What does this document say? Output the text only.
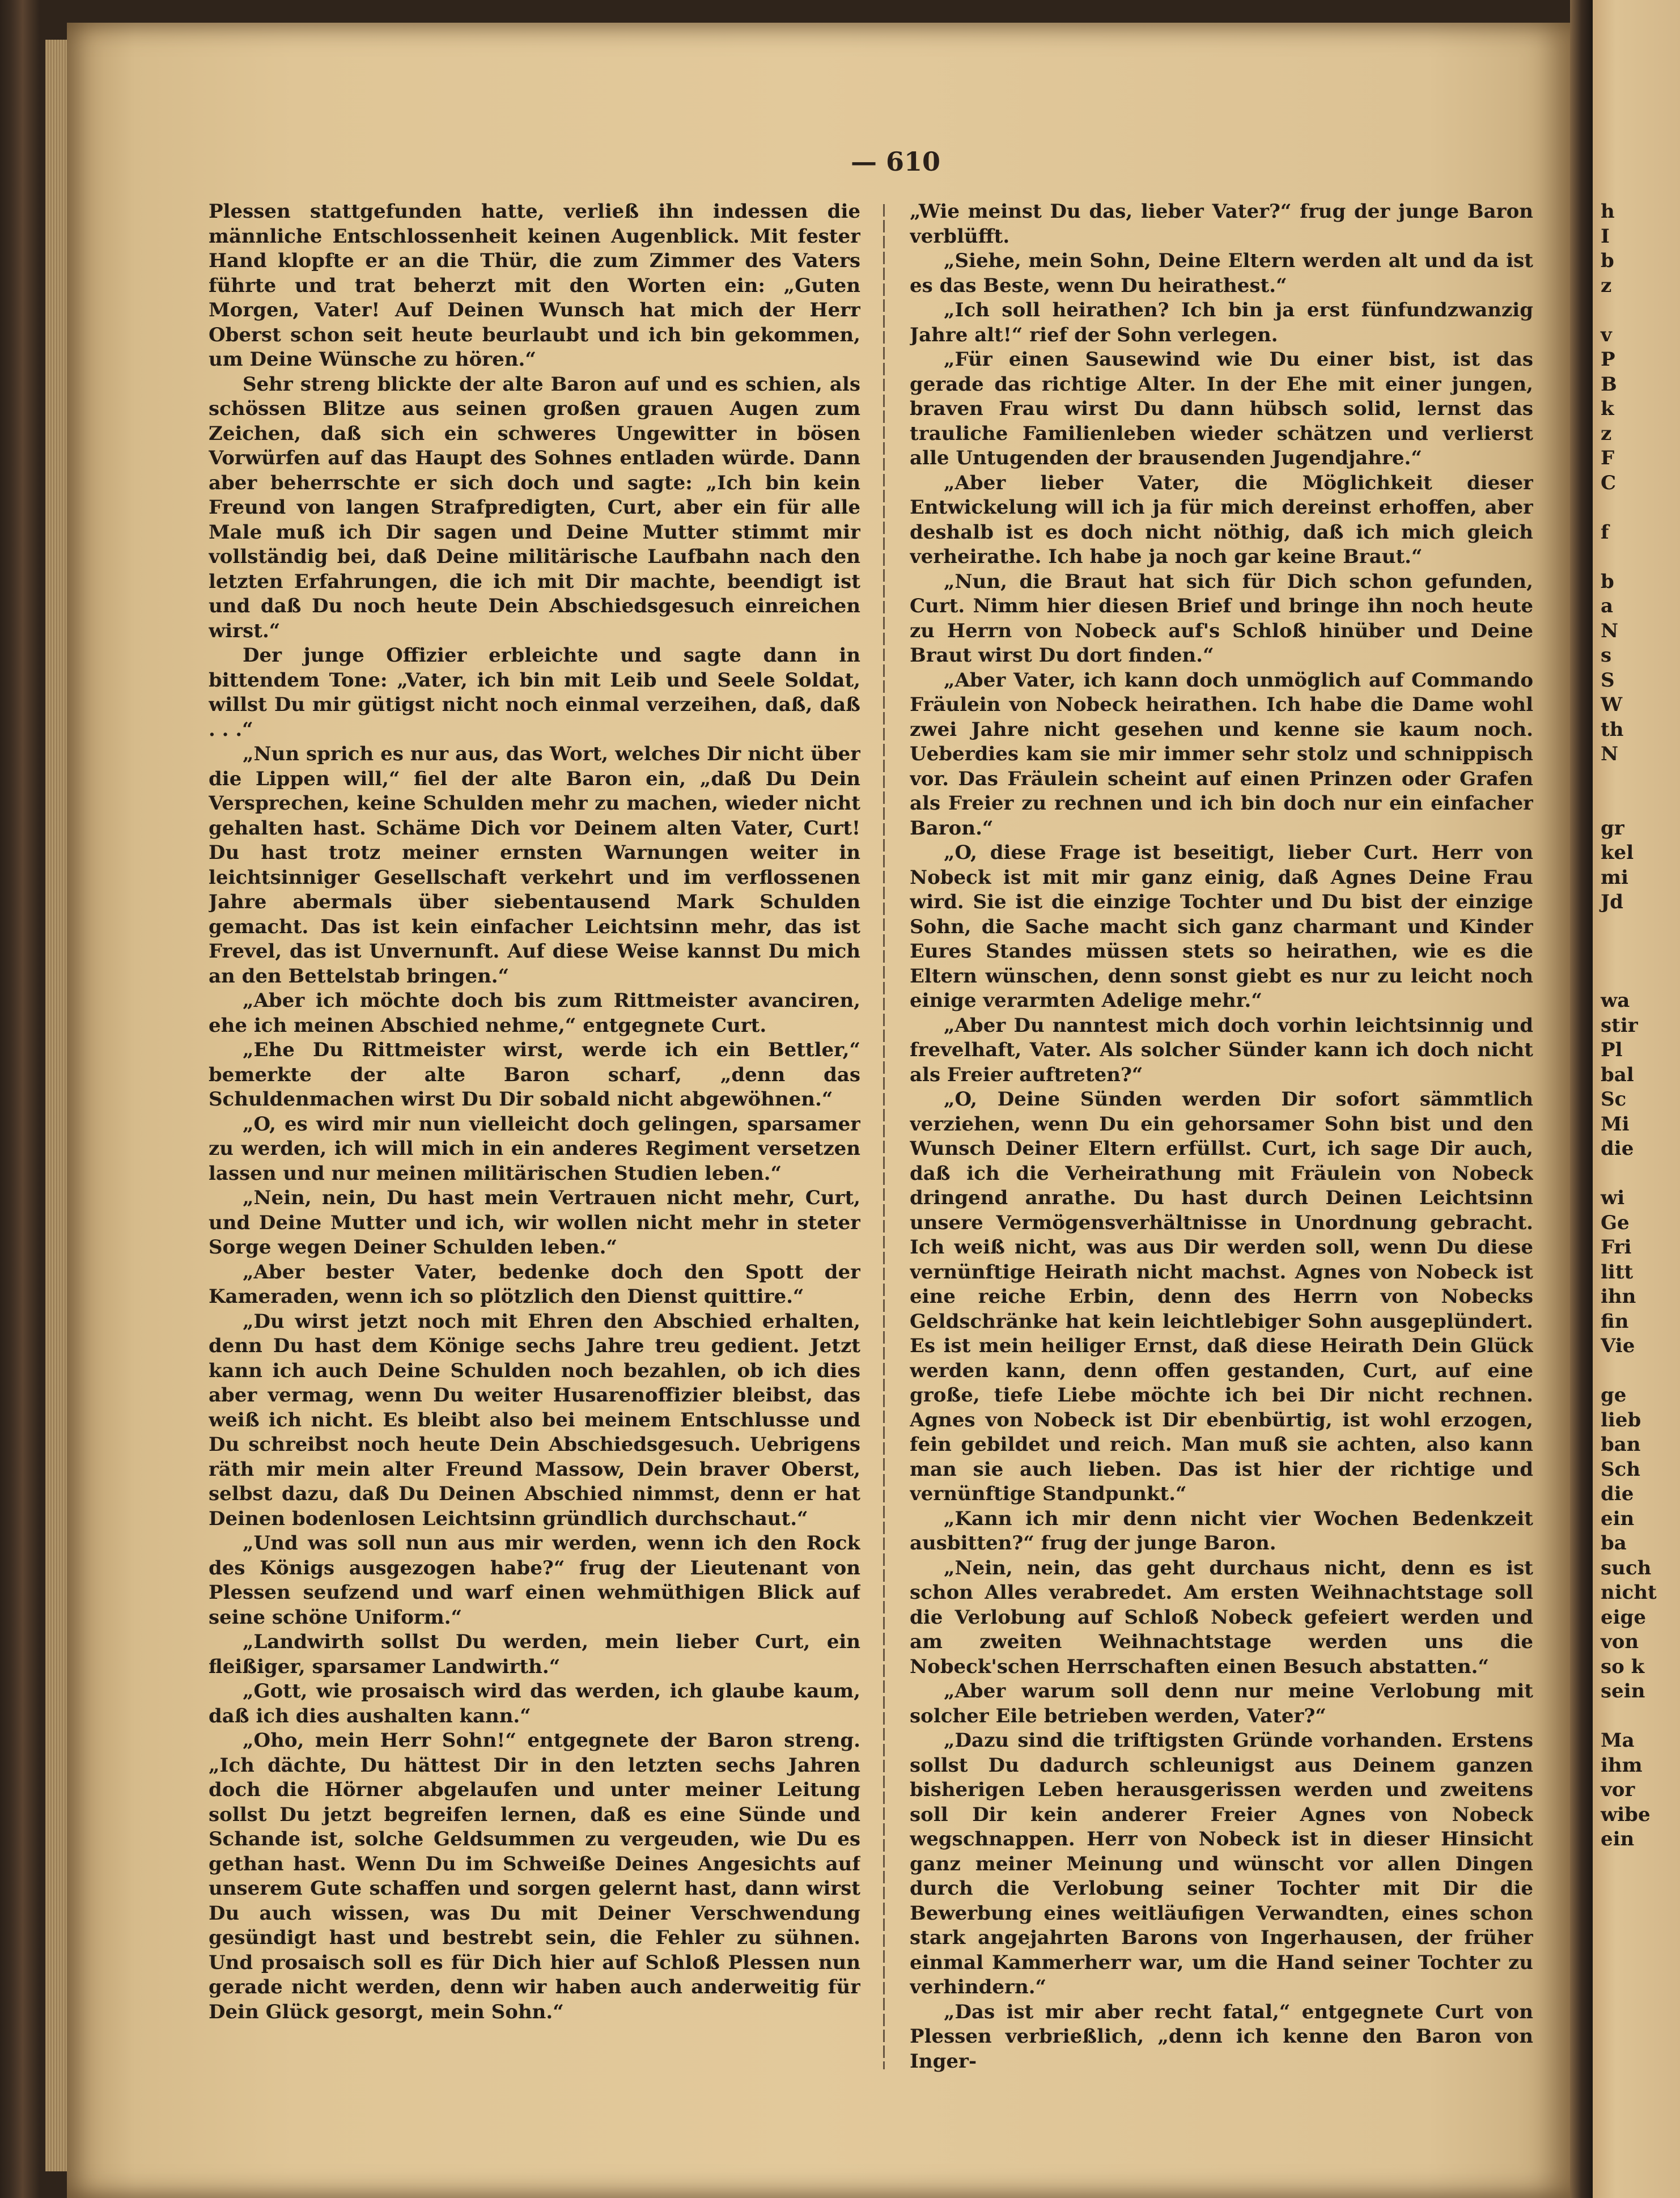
h
I
b
z
v
P
B
k
z
F
C
f
b
a
N
s
S
W
th
N
gr
kel
mi
Jd
wa
stir
Pl
bal
Sc
Mi
die
wi
Ge
Fri
litt
ihn
fin
Vie
ge
lieb
ban
Sch
die
ein
ba
such
nicht
eige
von
so k
sein
Ma
ihm
vor
wibe
ein
— 610

Plessen stattgefunden hatte, verließ ihn indessen die männliche Entschlossenheit keinen Augenblick. Mit fester Hand klopfte er an die Thür, die zum Zimmer des Vaters führte und trat beherzt mit den Worten ein: „Guten Morgen, Vater! Auf Deinen Wunsch hat mich der Herr Oberst schon seit heute beurlaubt und ich bin gekommen, um Deine Wünsche zu hören.“

Sehr streng blickte der alte Baron auf und es schien, als schössen Blitze aus seinen großen grauen Augen zum Zeichen, daß sich ein schweres Ungewitter in bösen Vorwürfen auf das Haupt des Sohnes entladen würde. Dann aber beherrschte er sich doch und sagte: „Ich bin kein Freund von langen Strafpredigten, Curt, aber ein für alle Male muß ich Dir sagen und Deine Mutter stimmt mir vollständig bei, daß Deine militärische Laufbahn nach den letzten Erfahrungen, die ich mit Dir machte, beendigt ist und daß Du noch heute Dein Abschiedsgesuch einreichen wirst.“

Der junge Offizier erbleichte und sagte dann in bittendem Tone: „Vater, ich bin mit Leib und Seele Soldat, willst Du mir gütigst nicht noch einmal verzeihen, daß, daß . . .“

„Nun sprich es nur aus, das Wort, welches Dir nicht über die Lippen will,“ fiel der alte Baron ein, „daß Du Dein Versprechen, keine Schulden mehr zu machen, wieder nicht gehalten hast. Schäme Dich vor Deinem alten Vater, Curt! Du hast trotz meiner ernsten Warnungen weiter in leichtsinniger Gesellschaft verkehrt und im verflossenen Jahre abermals über siebentausend Mark Schulden gemacht. Das ist kein einfacher Leichtsinn mehr, das ist Frevel, das ist Unvernunft. Auf diese Weise kannst Du mich an den Bettelstab bringen.“

„Aber ich möchte doch bis zum Rittmeister avanciren, ehe ich meinen Abschied nehme,“ entgegnete Curt.

„Ehe Du Rittmeister wirst, werde ich ein Bettler,“ bemerkte der alte Baron scharf, „denn das Schuldenmachen wirst Du Dir sobald nicht abgewöhnen.“

„O, es wird mir nun vielleicht doch gelingen, sparsamer zu werden, ich will mich in ein anderes Regiment versetzen lassen und nur meinen militärischen Studien leben.“

„Nein, nein, Du hast mein Vertrauen nicht mehr, Curt, und Deine Mutter und ich, wir wollen nicht mehr in steter Sorge wegen Deiner Schulden leben.“

„Aber bester Vater, bedenke doch den Spott der Kameraden, wenn ich so plötzlich den Dienst quittire.“

„Du wirst jetzt noch mit Ehren den Abschied erhalten, denn Du hast dem Könige sechs Jahre treu gedient. Jetzt kann ich auch Deine Schulden noch bezahlen, ob ich dies aber vermag, wenn Du weiter Husarenoffizier bleibst, das weiß ich nicht. Es bleibt also bei meinem Entschlusse und Du schreibst noch heute Dein Abschiedsgesuch. Uebrigens räth mir mein alter Freund Massow, Dein braver Oberst, selbst dazu, daß Du Deinen Abschied nimmst, denn er hat Deinen bodenlosen Leichtsinn gründlich durchschaut.“

„Und was soll nun aus mir werden, wenn ich den Rock des Königs ausgezogen habe?“ frug der Lieutenant von Plessen seufzend und warf einen wehmüthigen Blick auf seine schöne Uniform.“

„Landwirth sollst Du werden, mein lieber Curt, ein fleißiger, sparsamer Landwirth.“

„Gott, wie prosaisch wird das werden, ich glaube kaum, daß ich dies aushalten kann.“

„Oho, mein Herr Sohn!“ entgegnete der Baron streng. „Ich dächte, Du hättest Dir in den letzten sechs Jahren doch die Hörner abgelaufen und unter meiner Leitung sollst Du jetzt begreifen lernen, daß es eine Sünde und Schande ist, solche Geldsummen zu vergeuden, wie Du es gethan hast. Wenn Du im Schweiße Deines Angesichts auf unserem Gute schaffen und sorgen gelernt hast, dann wirst Du auch wissen, was Du mit Deiner Verschwendung gesündigt hast und bestrebt sein, die Fehler zu sühnen. Und prosaisch soll es für Dich hier auf Schloß Plessen nun gerade nicht werden, denn wir haben auch anderweitig für Dein Glück gesorgt, mein Sohn.“

„Wie meinst Du das, lieber Vater?“ frug der junge Baron verblüfft.

„Siehe, mein Sohn, Deine Eltern werden alt und da ist es das Beste, wenn Du heirathest.“

„Ich soll heirathen? Ich bin ja erst fünfundzwanzig Jahre alt!“ rief der Sohn verlegen.

„Für einen Sausewind wie Du einer bist, ist das gerade das richtige Alter. In der Ehe mit einer jungen, braven Frau wirst Du dann hübsch solid, lernst das trauliche Familienleben wieder schätzen und verlierst alle Untugenden der brausenden Jugendjahre.“

„Aber lieber Vater, die Möglichkeit dieser Entwickelung will ich ja für mich dereinst erhoffen, aber deshalb ist es doch nicht nöthig, daß ich mich gleich verheirathe. Ich habe ja noch gar keine Braut.“

„Nun, die Braut hat sich für Dich schon gefunden, Curt. Nimm hier diesen Brief und bringe ihn noch heute zu Herrn von Nobeck auf's Schloß hinüber und Deine Braut wirst Du dort finden.“

„Aber Vater, ich kann doch unmöglich auf Commando Fräulein von Nobeck heirathen. Ich habe die Dame wohl zwei Jahre nicht gesehen und kenne sie kaum noch. Ueberdies kam sie mir immer sehr stolz und schnippisch vor. Das Fräulein scheint auf einen Prinzen oder Grafen als Freier zu rechnen und ich bin doch nur ein einfacher Baron.“

„O, diese Frage ist beseitigt, lieber Curt. Herr von Nobeck ist mit mir ganz einig, daß Agnes Deine Frau wird. Sie ist die einzige Tochter und Du bist der einzige Sohn, die Sache macht sich ganz charmant und Kinder Eures Standes müssen stets so heirathen, wie es die Eltern wünschen, denn sonst giebt es nur zu leicht noch einige verarmten Adelige mehr.“

„Aber Du nanntest mich doch vorhin leichtsinnig und frevelhaft, Vater. Als solcher Sünder kann ich doch nicht als Freier auftreten?“

„O, Deine Sünden werden Dir sofort sämmtlich verziehen, wenn Du ein gehorsamer Sohn bist und den Wunsch Deiner Eltern erfüllst. Curt, ich sage Dir auch, daß ich die Verheirathung mit Fräulein von Nobeck dringend anrathe. Du hast durch Deinen Leichtsinn unsere Vermögensverhältnisse in Unordnung gebracht. Ich weiß nicht, was aus Dir werden soll, wenn Du diese vernünftige Heirath nicht machst. Agnes von Nobeck ist eine reiche Erbin, denn des Herrn von Nobecks Geldschränke hat kein leichtlebiger Sohn ausgeplündert. Es ist mein heiliger Ernst, daß diese Heirath Dein Glück werden kann, denn offen gestanden, Curt, auf eine große, tiefe Liebe möchte ich bei Dir nicht rechnen. Agnes von Nobeck ist Dir ebenbürtig, ist wohl erzogen, fein gebildet und reich. Man muß sie achten, also kann man sie auch lieben. Das ist hier der richtige und vernünftige Standpunkt.“

„Kann ich mir denn nicht vier Wochen Bedenkzeit ausbitten?“ frug der junge Baron.

„Nein, nein, das geht durchaus nicht, denn es ist schon Alles verabredet. Am ersten Weihnachtstage soll die Verlobung auf Schloß Nobeck gefeiert werden und am zweiten Weihnachtstage werden uns die Nobeck'schen Herrschaften einen Besuch abstatten.“

„Aber warum soll denn nur meine Verlobung mit solcher Eile betrieben werden, Vater?“

„Dazu sind die triftigsten Gründe vorhanden. Erstens sollst Du dadurch schleunigst aus Deinem ganzen bisherigen Leben herausgerissen werden und zweitens soll Dir kein anderer Freier Agnes von Nobeck wegschnappen. Herr von Nobeck ist in dieser Hinsicht ganz meiner Meinung und wünscht vor allen Dingen durch die Verlobung seiner Tochter mit Dir die Bewerbung eines weitläufigen Verwandten, eines schon stark angejahrten Barons von Ingerhausen, der früher einmal Kammerherr war, um die Hand seiner Tochter zu verhindern.“

„Das ist mir aber recht fatal,“ entgegnete Curt von Plessen verbrießlich, „denn ich kenne den Baron von Inger-
